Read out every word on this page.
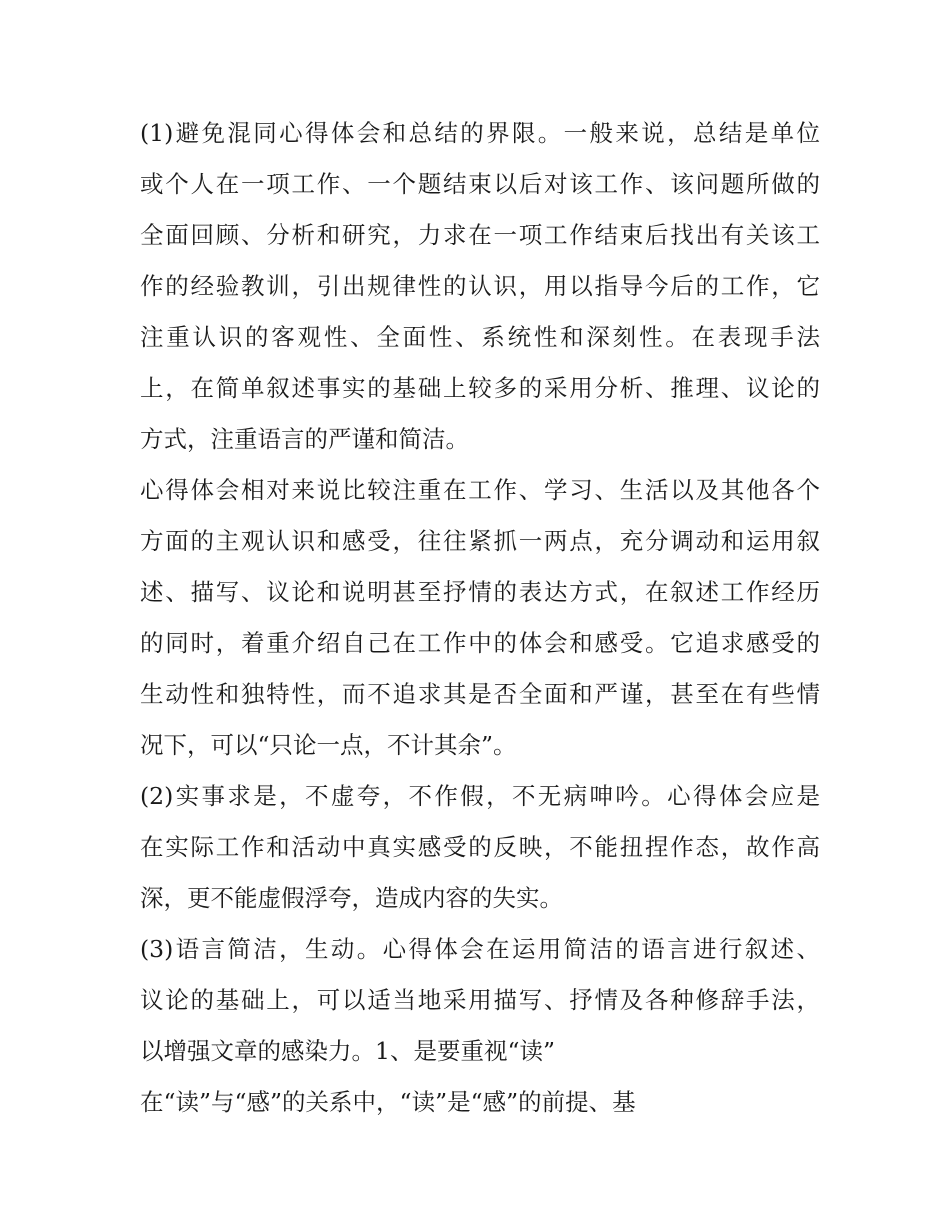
(1)避免混同心得体会和总结的界限。一般来说，总结是单位
或个人在一项工作、一个题结束以后对该工作、该问题所做的
全面回顾、分析和研究，力求在一项工作结束后找出有关该工
作的经验教训，引出规律性的认识，用以指导今后的工作，它
注重认识的客观性、全面性、系统性和深刻性。在表现手法
上，在简单叙述事实的基础上较多的采用分析、推理、议论的
方式，注重语言的严谨和简洁。
心得体会相对来说比较注重在工作、学习、生活以及其他各个
方面的主观认识和感受，往往紧抓一两点，充分调动和运用叙
述、描写、议论和说明甚至抒情的表达方式，在叙述工作经历
的同时，着重介绍自己在工作中的体会和感受。它追求感受的
生动性和独特性，而不追求其是否全面和严谨，甚至在有些情
况下，可以“只论一点，不计其余”。
(2)实事求是，不虚夸，不作假，不无病呻吟。心得体会应是
在实际工作和活动中真实感受的反映，不能扭捏作态，故作高
深，更不能虚假浮夸，造成内容的失实。
(3)语言简洁，生动。心得体会在运用简洁的语言进行叙述、
议论的基础上，可以适当地采用描写、抒情及各种修辞手法，
以增强文章的感染力。1、是要重视“读”
在“读”与“感”的关系中，“读”是“感”的前提、基
